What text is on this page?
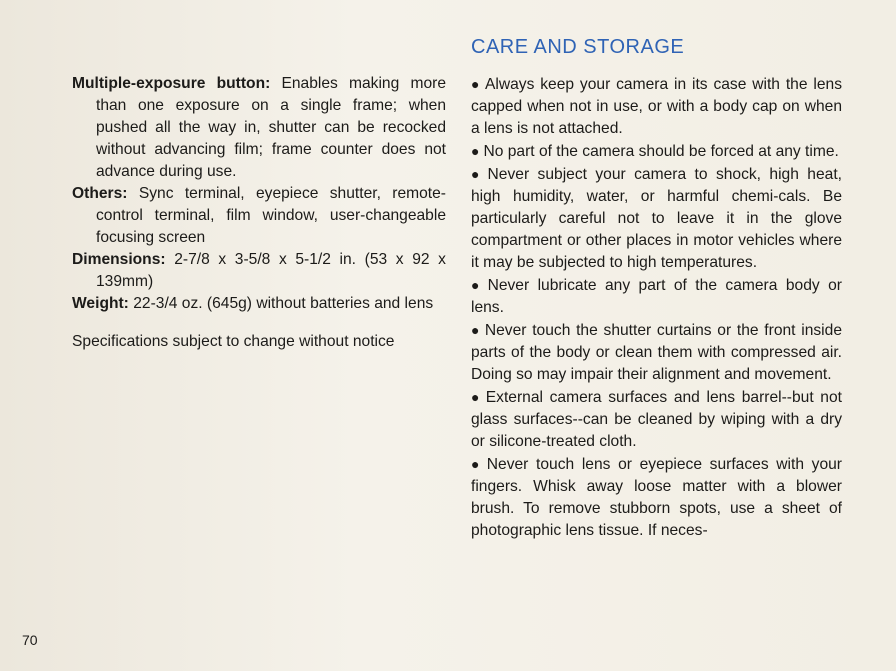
Multiple-exposure button: Enables making more than one exposure on a single frame; when pushed all the way in, shutter can be recocked without advancing film; frame counter does not advance during use.
Others: Sync terminal, eyepiece shutter, remote-control terminal, film window, user-changeable focusing screen
Dimensions: 2-7/8 x 3-5/8 x 5-1/2 in. (53 x 92 x 139mm)
Weight: 22-3/4 oz. (645g) without batteries and lens
Specifications subject to change without notice
CARE AND STORAGE

● Always keep your camera in its case with the lens capped when not in use, or with a body cap on when a lens is not attached.

● No part of the camera should be forced at any time.

● Never subject your camera to shock, high heat, high humidity, water, or harmful chemi-cals. Be particularly careful not to leave it in the glove compartment or other places in motor vehicles where it may be subjected to high temperatures.

● Never lubricate any part of the camera body or lens.

● Never touch the shutter curtains or the front inside parts of the body or clean them with compressed air. Doing so may impair their alignment and movement.

● External camera surfaces and lens barrel--but not glass surfaces--can be cleaned by wiping with a dry or silicone-treated cloth.

● Never touch lens or eyepiece surfaces with your fingers. Whisk away loose matter with a blower brush. To remove stubborn spots, use a sheet of photographic lens tissue. If neces-

70
